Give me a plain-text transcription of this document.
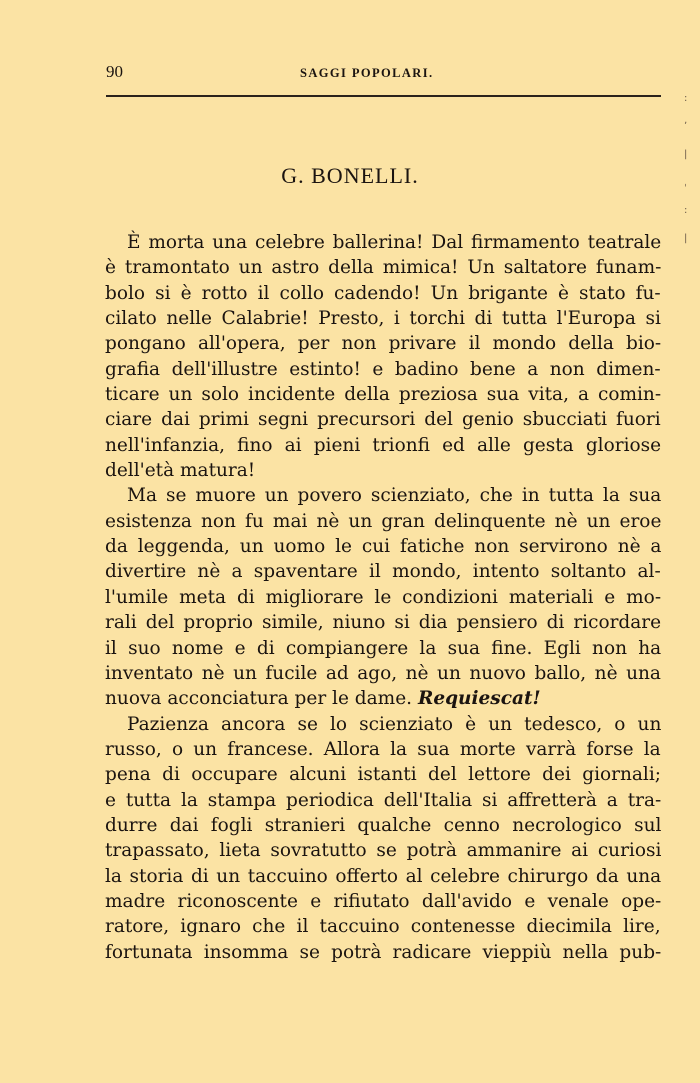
90	SAGGI POPOLARI.
G. BONELLI.
È morta una celebre ballerina! Dal firmamento teatrale
è tramontato un astro della mimica! Un saltatore funam-
bolo si è rotto il collo cadendo! Un brigante è stato fu-
cilato nelle Calabrie! Presto, i torchi di tutta l'Europa si
pongano all'opera, per non privare il mondo della bio-
grafia dell'illustre estinto! e badino bene a non dimen-
ticare un solo incidente della preziosa sua vita, a comin-
ciare dai primi segni precursori del genio sbucciati fuori
nell'infanzia, fino ai pieni trionfi ed alle gesta gloriose
dell'età matura!
Ma se muore un povero scienziato, che in tutta la sua
esistenza non fu mai nè un gran delinquente nè un eroe
da leggenda, un uomo le cui fatiche non servirono nè a
divertire nè a spaventare il mondo, intento soltanto al-
l'umile meta di migliorare le condizioni materiali e mo-
rali del proprio simile, niuno si dia pensiero di ricordare
il suo nome e di compiangere la sua fine. Egli non ha
inventato nè un fucile ad ago, nè un nuovo ballo, nè una
nuova acconciatura per le dame. Requiescat!
Pazienza ancora se lo scienziato è un tedesco, o un
russo, o un francese. Allora la sua morte varrà forse la
pena di occupare alcuni istanti del lettore dei giornali;
e tutta la stampa periodica dell'Italia si affretterà a tra-
durre dai fogli stranieri qualche cenno necrologico sul
trapassato, lieta sovratutto se potrà ammanire ai curiosi
la storia di un taccuino offerto al celebre chirurgo da una
madre riconoscente e rifiutato dall'avido e venale ope-
ratore, ignaro che il taccuino contenesse diecimila lire,
fortunata insomma se potrà radicare vieppiù nella pub-
:
ʼ
|
ˌ
:
|
